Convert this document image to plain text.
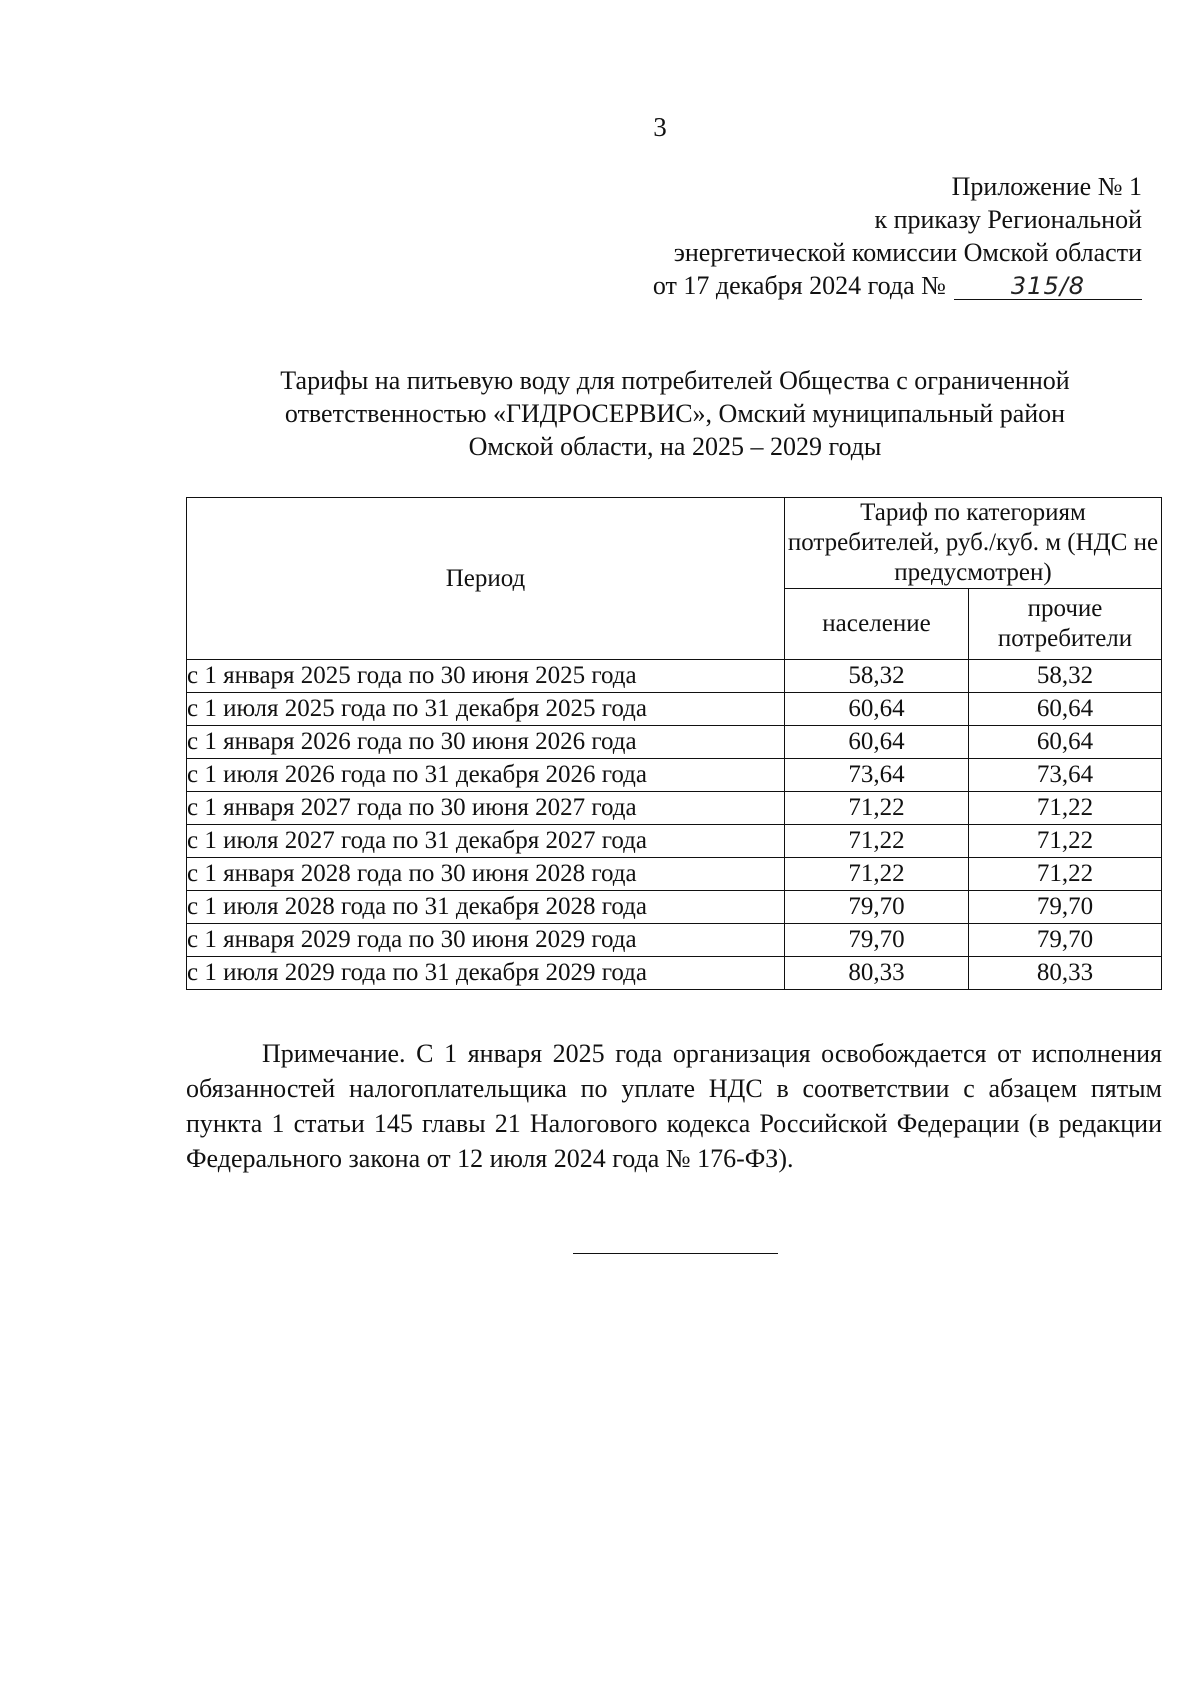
3
Приложение № 1
к приказу Региональной
энергетической комиссии Омской области
от 17 декабря 2024 года №	315/8
Тарифы на питьевую воду для потребителей Общества с ограниченной
ответственностью «ГИДРОСЕРВИС», Омский муниципальный район
Омской области, на 2025 – 2029 годы
Период	Тариф по категориям потребителей, руб./куб. м (НДС не предусмотрен)	
	население	прочие потребители
с 1 января 2025 года по 30 июня 2025 года	58,32	58,32
с 1 июля 2025 года по 31 декабря 2025 года	60,64	60,64
с 1 января 2026 года по 30 июня 2026 года	60,64	60,64
с 1 июля 2026 года по 31 декабря 2026 года	73,64	73,64
с 1 января 2027 года по 30 июня 2027 года	71,22	71,22
с 1 июля 2027 года по 31 декабря 2027 года	71,22	71,22
с 1 января 2028 года по 30 июня 2028 года	71,22	71,22
с 1 июля 2028 года по 31 декабря 2028 года	79,70	79,70
с 1 января 2029 года по 30 июня 2029 года	79,70	79,70
с 1 июля 2029 года по 31 декабря 2029 года	80,33	80,33
Примечание. С 1 января 2025 года организация освобождается от исполнения обязанностей налогоплательщика по уплате НДС в соответствии с абзацем пятым пункта 1 статьи 145 главы 21 Налогового кодекса Российской Федерации (в редакции Федерального закона от 12 июля 2024 года № 176-ФЗ).
